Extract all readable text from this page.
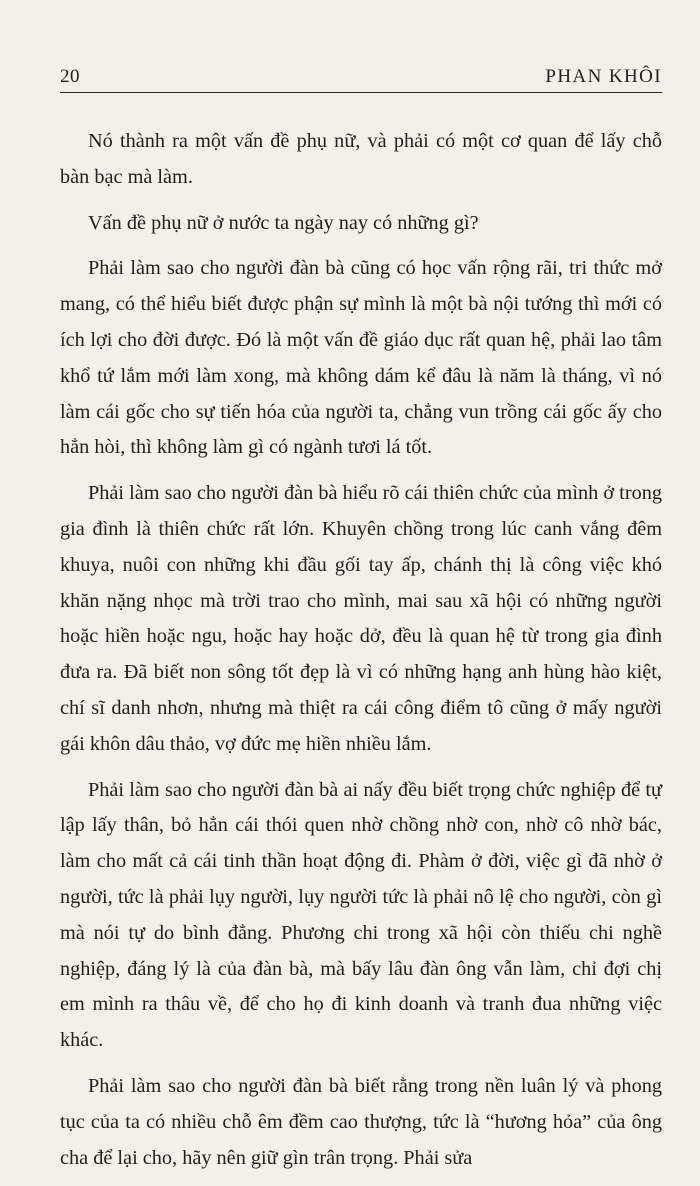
20	PHAN KHÔI

Nó thành ra một vấn đề phụ nữ, và phải có một cơ quan để lấy chỗ bàn bạc mà làm.

Vấn đề phụ nữ ở nước ta ngày nay có những gì?

Phải làm sao cho người đàn bà cũng có học vấn rộng rãi, tri thức mở mang, có thể hiểu biết được phận sự mình là một bà nội tướng thì mới có ích lợi cho đời được. Đó là một vấn đề giáo dục rất quan hệ, phải lao tâm khổ tứ lắm mới làm xong, mà không dám kể đâu là năm là tháng, vì nó làm cái gốc cho sự tiến hóa của người ta, chẳng vun trồng cái gốc ấy cho hẳn hòi, thì không làm gì có ngành tươi lá tốt.

Phải làm sao cho người đàn bà hiểu rõ cái thiên chức của mình ở trong gia đình là thiên chức rất lớn. Khuyên chồng trong lúc canh vắng đêm khuya, nuôi con những khi đầu gối tay ấp, chánh thị là công việc khó khăn nặng nhọc mà trời trao cho mình, mai sau xã hội có những người hoặc hiền hoặc ngu, hoặc hay hoặc dở, đều là quan hệ từ trong gia đình đưa ra. Đã biết non sông tốt đẹp là vì có những hạng anh hùng hào kiệt, chí sĩ danh nhơn, nhưng mà thiệt ra cái công điểm tô cũng ở mấy người gái khôn dâu thảo, vợ đức mẹ hiền nhiều lắm.

Phải làm sao cho người đàn bà ai nấy đều biết trọng chức nghiệp để tự lập lấy thân, bỏ hẳn cái thói quen nhờ chồng nhờ con, nhờ cô nhờ bác, làm cho mất cả cái tinh thần hoạt động đi. Phàm ở đời, việc gì đã nhờ ở người, tức là phải lụy người, lụy người tức là phải nô lệ cho người, còn gì mà nói tự do bình đẳng. Phương chi trong xã hội còn thiếu chi nghề nghiệp, đáng lý là của đàn bà, mà bấy lâu đàn ông vẫn làm, chỉ đợi chị em mình ra thâu về, để cho họ đi kinh doanh và tranh đua những việc khác.

Phải làm sao cho người đàn bà biết rằng trong nền luân lý và phong tục của ta có nhiều chỗ êm đềm cao thượng, tức là “hương hỏa” của ông cha để lại cho, hãy nên giữ gìn trân trọng. Phải sửa
